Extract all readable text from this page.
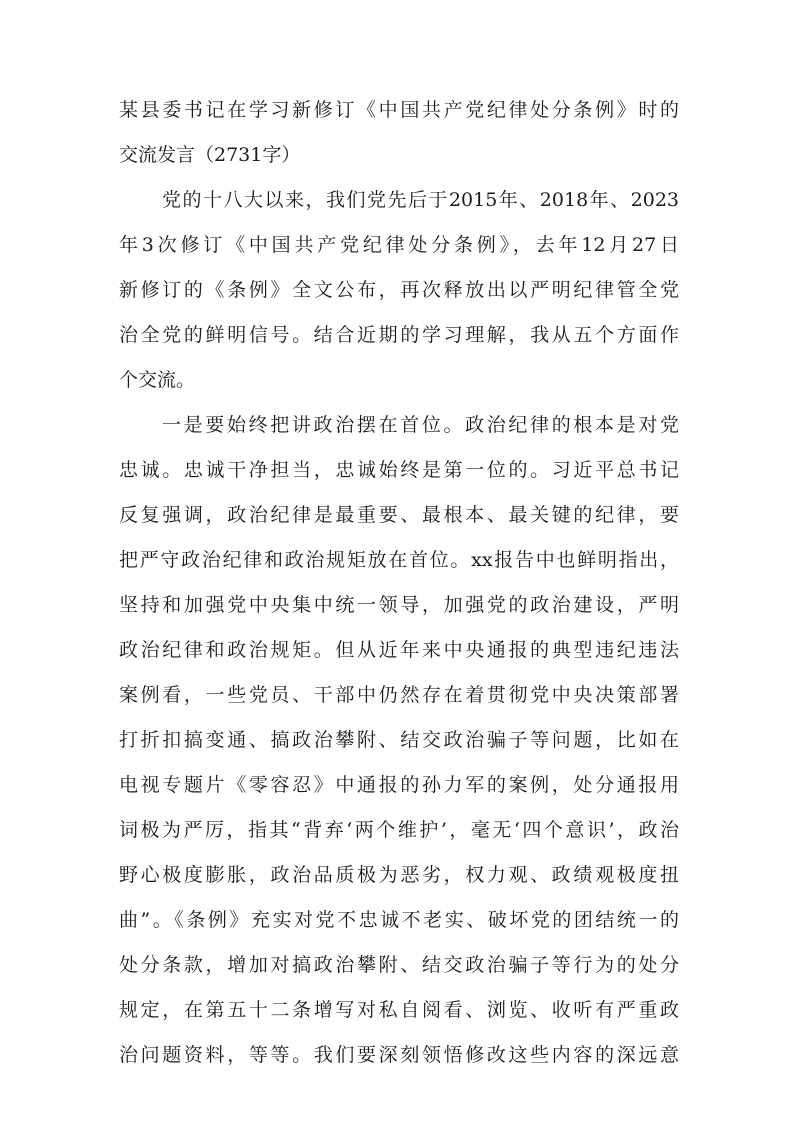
某县委书记在学习新修订《中国共产党纪律处分条例》时的
交流发言（2731字）
党的十八大以来，我们党先后于2015年、2018年、2023
年3次修订《中国共产党纪律处分条例》，去年12月27日
新修订的《条例》全文公布，再次释放出以严明纪律管全党
治全党的鲜明信号。结合近期的学习理解，我从五个方面作
个交流。
一是要始终把讲政治摆在首位。政治纪律的根本是对党
忠诚。忠诚干净担当，忠诚始终是第一位的。习近平总书记
反复强调，政治纪律是最重要、最根本、最关键的纪律，要
把严守政治纪律和政治规矩放在首位。xx报告中也鲜明指出，
坚持和加强党中央集中统一领导，加强党的政治建设，严明
政治纪律和政治规矩。但从近年来中央通报的典型违纪违法
案例看，一些党员、干部中仍然存在着贯彻党中央决策部署
打折扣搞变通、搞政治攀附、结交政治骗子等问题，比如在
电视专题片《零容忍》中通报的孙力军的案例，处分通报用
词极为严厉，指其“背弃‘两个维护’，毫无‘四个意识’，政治
野心极度膨胀，政治品质极为恶劣，权力观、政绩观极度扭
曲”。《条例》充实对党不忠诚不老实、破坏党的团结统一的
处分条款，增加对搞政治攀附、结交政治骗子等行为的处分
规定，在第五十二条增写对私自阅看、浏览、收听有严重政
治问题资料，等等。我们要深刻领悟修改这些内容的深远意
